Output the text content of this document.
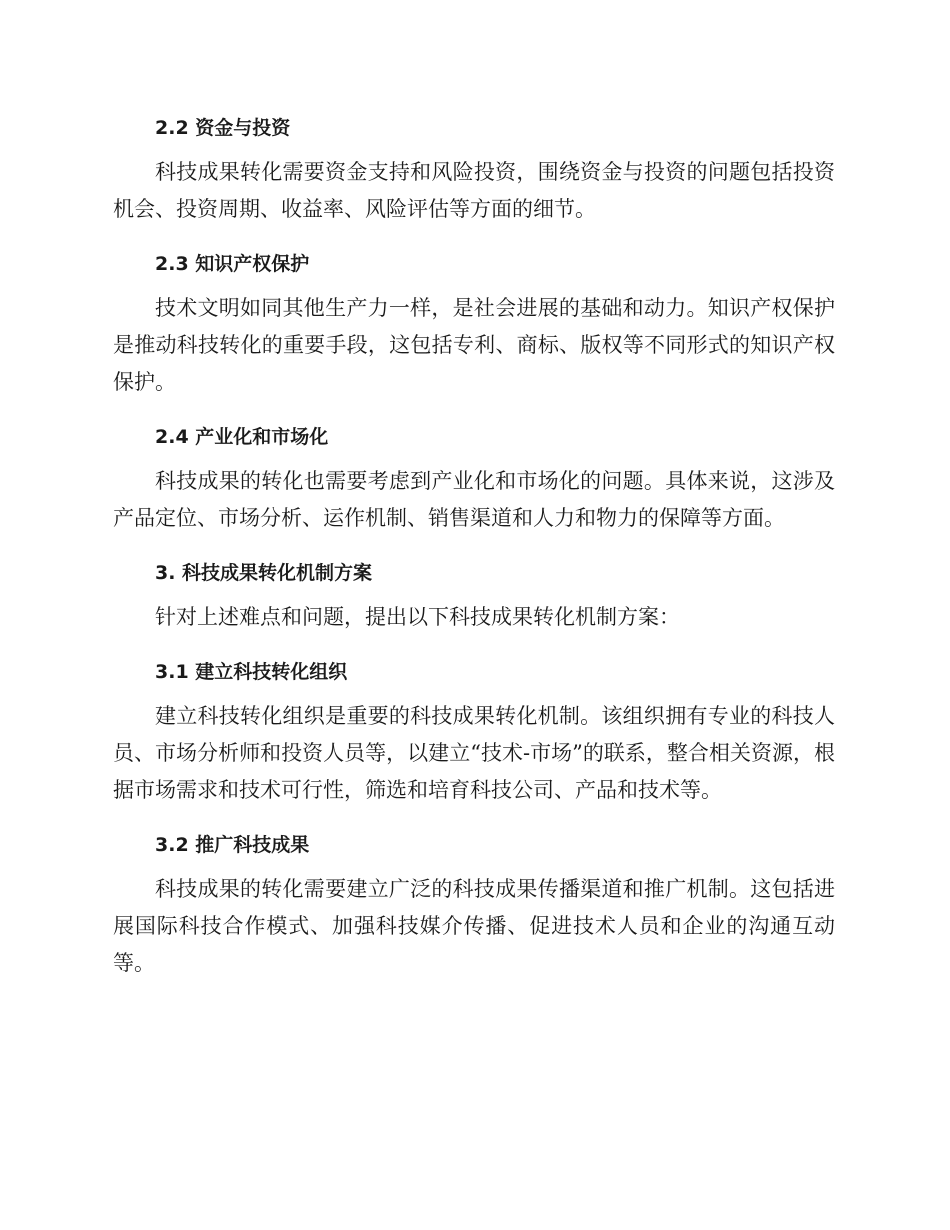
2.2 资金与投资

科技成果转化需要资金支持和风险投资，围绕资金与投资的问题包括投资机会、投资周期、收益率、风险评估等方面的细节。

2.3 知识产权保护

技术文明如同其他生产力一样，是社会进展的基础和动力。知识产权保护是推动科技转化的重要手段，这包括专利、商标、版权等不同形式的知识产权保护。

2.4 产业化和市场化

科技成果的转化也需要考虑到产业化和市场化的问题。具体来说，这涉及产品定位、市场分析、运作机制、销售渠道和人力和物力的保障等方面。

3. 科技成果转化机制方案

针对上述难点和问题，提出以下科技成果转化机制方案：

3.1 建立科技转化组织

建立科技转化组织是重要的科技成果转化机制。该组织拥有专业的科技人员、市场分析师和投资人员等，以建立“技术-市场”的联系，整合相关资源，根据市场需求和技术可行性，筛选和培育科技公司、产品和技术等。

3.2 推广科技成果

科技成果的转化需要建立广泛的科技成果传播渠道和推广机制。这包括进展国际科技合作模式、加强科技媒介传播、促进技术人员和企业的沟通互动等。
